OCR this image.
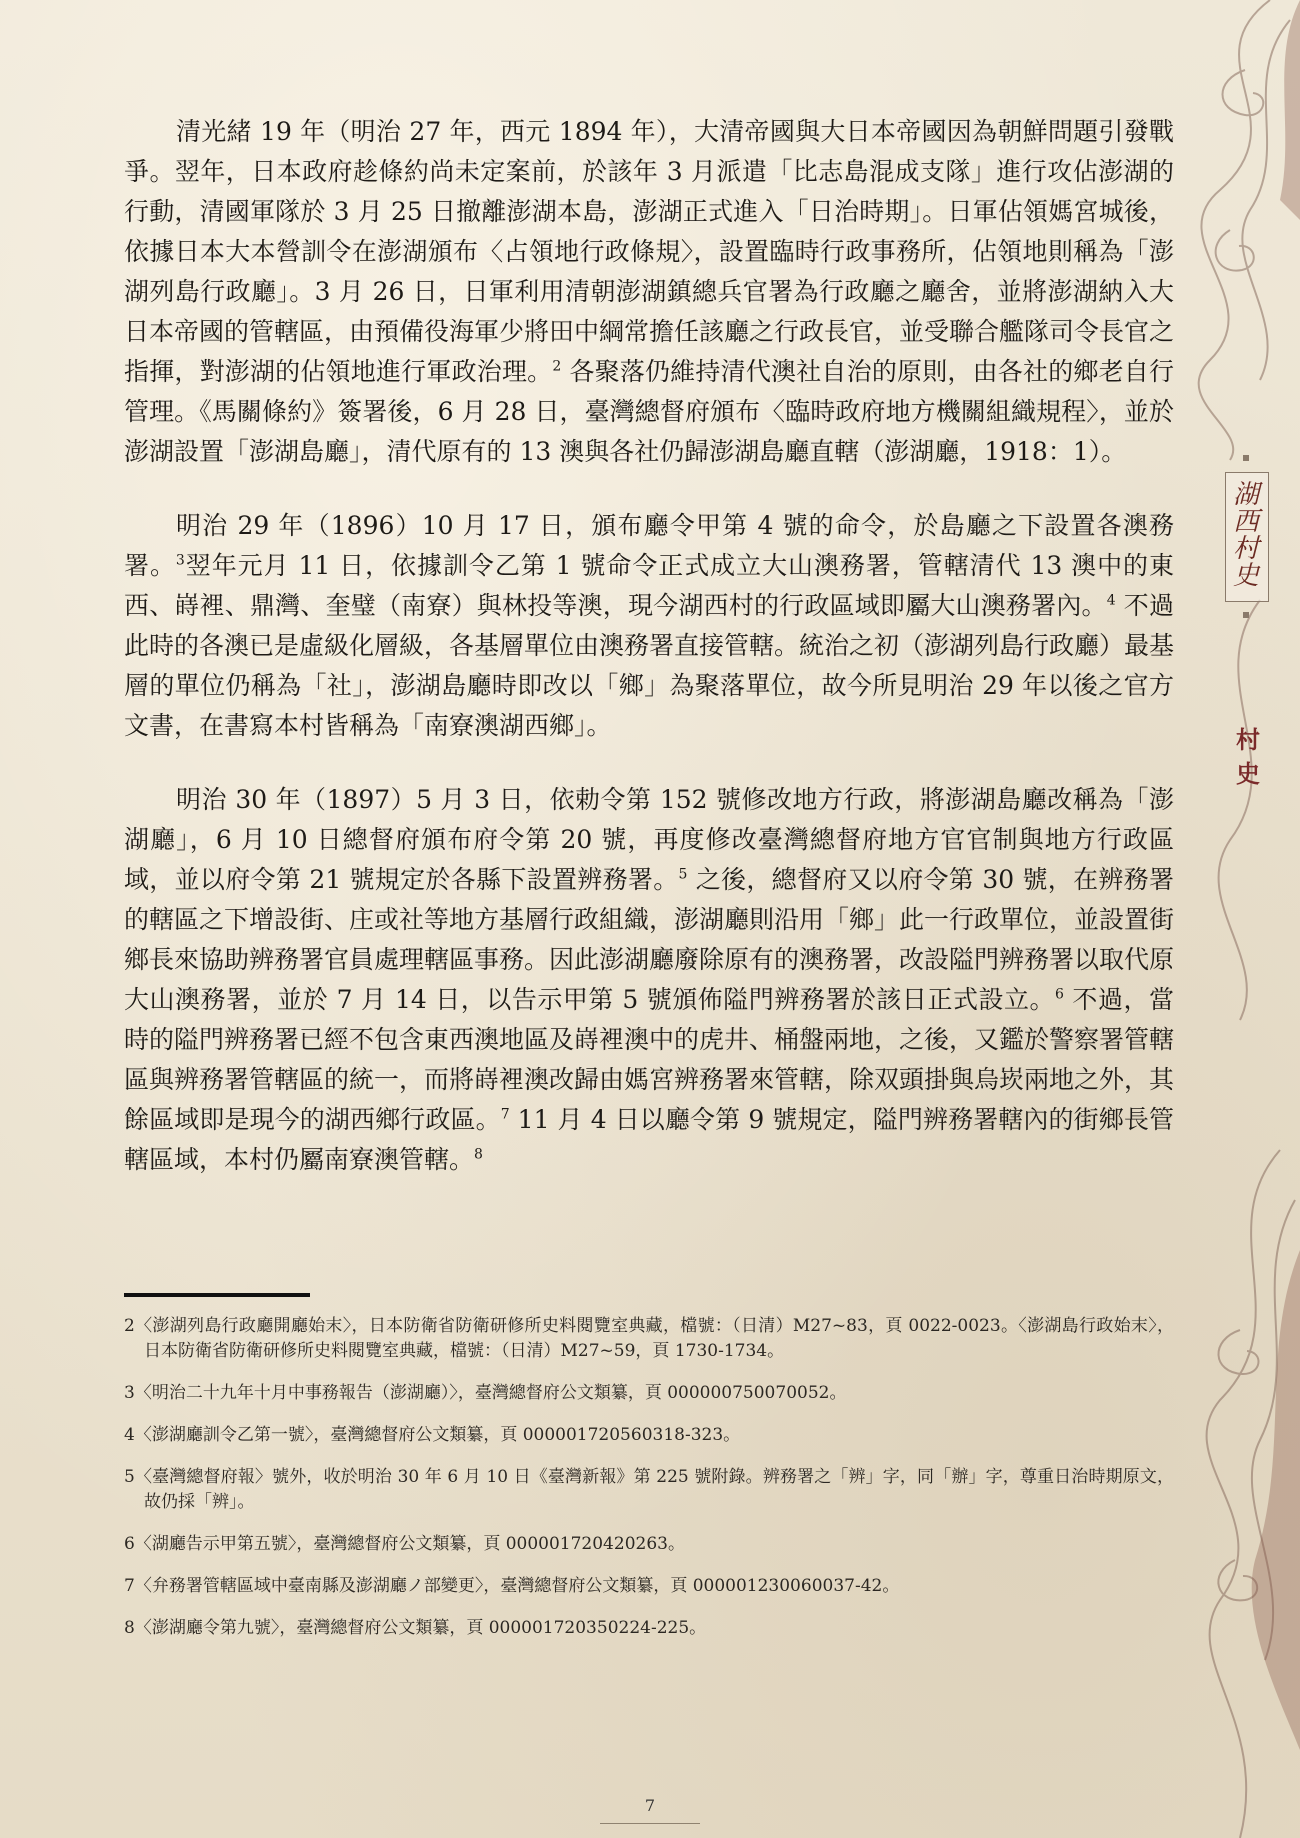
清光緒 19 年（明治 27 年，西元 1894 年），大清帝國與大日本帝國因為朝鮮問題引發戰爭。翌年，日本政府趁條約尚未定案前，於該年 3 月派遣「比志島混成支隊」進行攻佔澎湖的行動，清國軍隊於 3 月 25 日撤離澎湖本島，澎湖正式進入「日治時期」。日軍佔領媽宮城後，依據日本大本營訓令在澎湖頒布〈占領地行政條規〉，設置臨時行政事務所，佔領地則稱為「澎湖列島行政廳」。3 月 26 日，日軍利用清朝澎湖鎮總兵官署為行政廳之廳舍，並將澎湖納入大日本帝國的管轄區，由預備役海軍少將田中綱常擔任該廳之行政長官，並受聯合艦隊司令長官之指揮，對澎湖的佔領地進行軍政治理。$^2$ 各聚落仍維持清代澳社自治的原則，由各社的鄉老自行管理。《馬關條約》簽署後，6 月 28 日，臺灣總督府頒布〈臨時政府地方機關組織規程〉，並於澎湖設置「澎湖島廳」，清代原有的 13 澳與各社仍歸澎湖島廳直轄（澎湖廳，1918：1）。

明治 29 年（1896）10 月 17 日，頒布廳令甲第 4 號的命令，於島廳之下設置各澳務署。$^3$翌年元月 11 日，依據訓令乙第 1 號命令正式成立大山澳務署，管轄清代 13 澳中的東西、嵵裡、鼎灣、奎璧（南寮）與林投等澳，現今湖西村的行政區域即屬大山澳務署內。$^4$ 不過此時的各澳已是虛級化層級，各基層單位由澳務署直接管轄。統治之初（澎湖列島行政廳）最基層的單位仍稱為「社」，澎湖島廳時即改以「鄉」為聚落單位，故今所見明治 29 年以後之官方文書，在書寫本村皆稱為「南寮澳湖西鄉」。

明治 30 年（1897）5 月 3 日，依勅令第 152 號修改地方行政，將澎湖島廳改稱為「澎湖廳」，6 月 10 日總督府頒布府令第 20 號，再度修改臺灣總督府地方官官制與地方行政區域，並以府令第 21 號規定於各縣下設置辨務署。$^5$ 之後，總督府又以府令第 30 號，在辨務署的轄區之下增設街、庄或社等地方基層行政組織，澎湖廳則沿用「鄉」此一行政單位，並設置街鄉長來協助辨務署官員處理轄區事務。因此澎湖廳廢除原有的澳務署，改設隘門辨務署以取代原大山澳務署，並於 7 月 14 日，以告示甲第 5 號頒佈隘門辨務署於該日正式設立。$^6$ 不過，當時的隘門辨務署已經不包含東西澳地區及嵵裡澳中的虎井、桶盤兩地，之後，又鑑於警察署管轄區與辨務署管轄區的統一，而將嵵裡澳改歸由媽宮辨務署來管轄，除双頭掛與烏崁兩地之外，其餘區域即是現今的湖西鄉行政區。$^7$ 11 月 4 日以廳令第 9 號規定，隘門辨務署轄內的街鄉長管轄區域，本村仍屬南寮澳管轄。$^8$

2〈澎湖列島行政廳開廳始末〉，日本防衛省防衛研修所史料閱覽室典藏，檔號：（日清）M27~83，頁 0022-0023。〈澎湖島行政始末〉，日本防衛省防衛研修所史料閱覽室典藏，檔號：（日清）M27~59，頁 1730-1734。
3〈明治二十九年十月中事務報告（澎湖廳）〉，臺灣總督府公文類纂，頁 000000750070052。
4〈澎湖廳訓令乙第一號〉，臺灣總督府公文類纂，頁 000001720560318-323。
5〈臺灣總督府報〉號外，收於明治 30 年 6 月 10 日《臺灣新報》第 225 號附錄。辨務署之「辨」字，同「辦」字，尊重日治時期原文，故仍採「辨」。
6〈湖廳告示甲第五號〉，臺灣總督府公文類纂，頁 000001720420263。
7〈弁務署管轄區域中臺南縣及澎湖廳ノ部變更〉，臺灣總督府公文類纂，頁 000001230060037-42。
8〈澎湖廳令第九號〉，臺灣總督府公文類纂，頁 000001720350224-225。
湖
西
村
史
村
史
7
